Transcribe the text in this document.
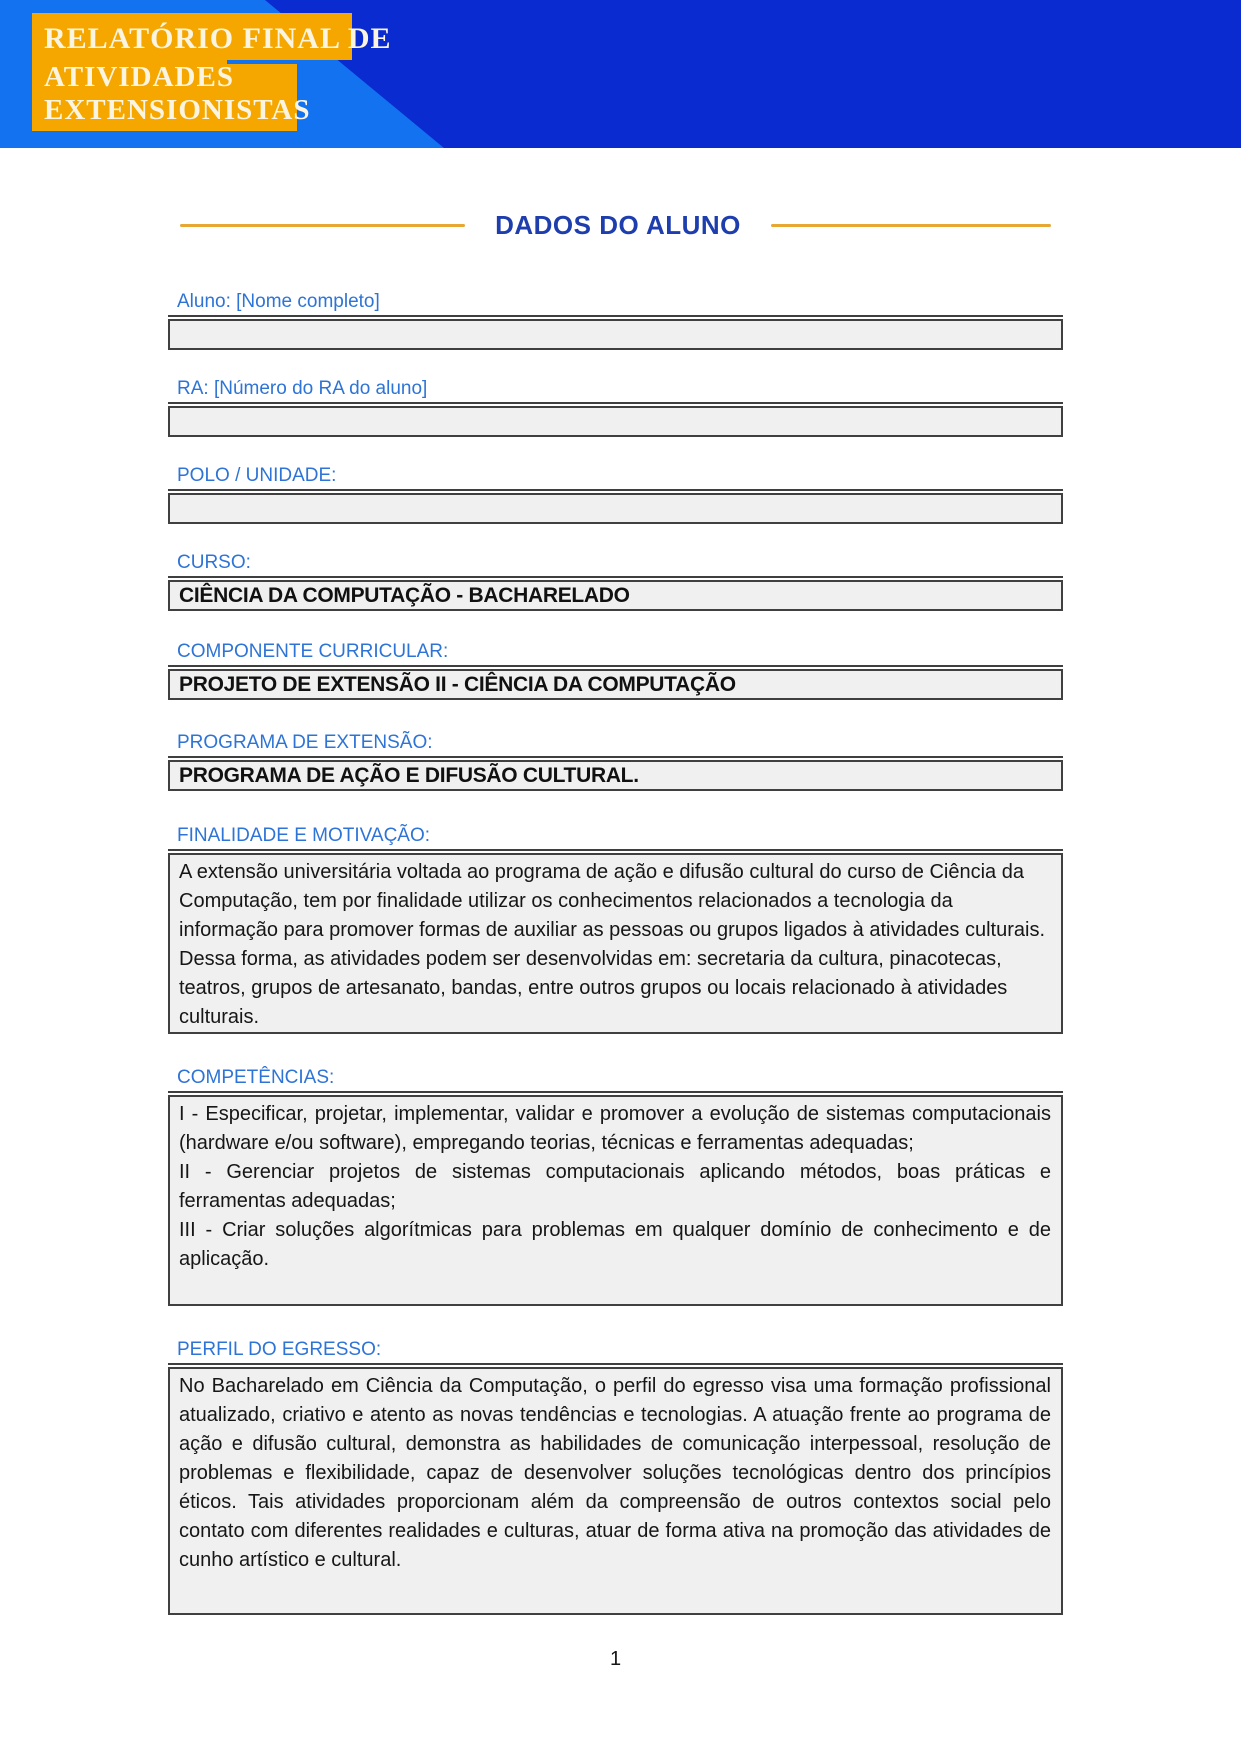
RELATÓRIO FINAL DE
ATIVIDADES
EXTENSIONISTAS
DADOS DO ALUNO
Aluno: [Nome completo]
RA: [Número do RA do aluno]
POLO / UNIDADE:
CURSO:
CIÊNCIA DA COMPUTAÇÃO - BACHARELADO
COMPONENTE CURRICULAR:
PROJETO DE EXTENSÃO II - CIÊNCIA DA COMPUTAÇÃO
PROGRAMA DE EXTENSÃO:
PROGRAMA DE AÇÃO E DIFUSÃO CULTURAL.
FINALIDADE E MOTIVAÇÃO:

A extensão universitária voltada ao programa de ação e difusão cultural do curso de Ciência da Computação, tem por finalidade utilizar os conhecimentos relacionados a tecnologia da informação para promover formas de auxiliar as pessoas ou grupos ligados à atividades culturais. Dessa forma, as atividades podem ser desenvolvidas em: secretaria da cultura, pinacotecas, teatros, grupos de artesanato, bandas, entre outros grupos ou locais relacionado à atividades culturais.

COMPETÊNCIAS:

I - Especificar, projetar, implementar, validar e promover a evolução de sistemas computacionais (hardware e/ou software), empregando teorias, técnicas e ferramentas adequadas;

II - Gerenciar projetos de sistemas computacionais aplicando métodos, boas práticas e ferramentas adequadas;

III - Criar soluções algorítmicas para problemas em qualquer domínio de conhecimento e de aplicação.

PERFIL DO EGRESSO:

No Bacharelado em Ciência da Computação, o perfil do egresso visa uma formação profissional atualizado, criativo e atento as novas tendências e tecnologias. A atuação frente ao programa de ação e difusão cultural, demonstra as habilidades de comunicação interpessoal, resolução de problemas e flexibilidade, capaz de desenvolver soluções tecnológicas dentro dos princípios éticos. Tais atividades proporcionam além da compreensão de outros contextos social pelo contato com diferentes realidades e culturas, atuar de forma ativa na promoção das atividades de cunho artístico e cultural.

1
